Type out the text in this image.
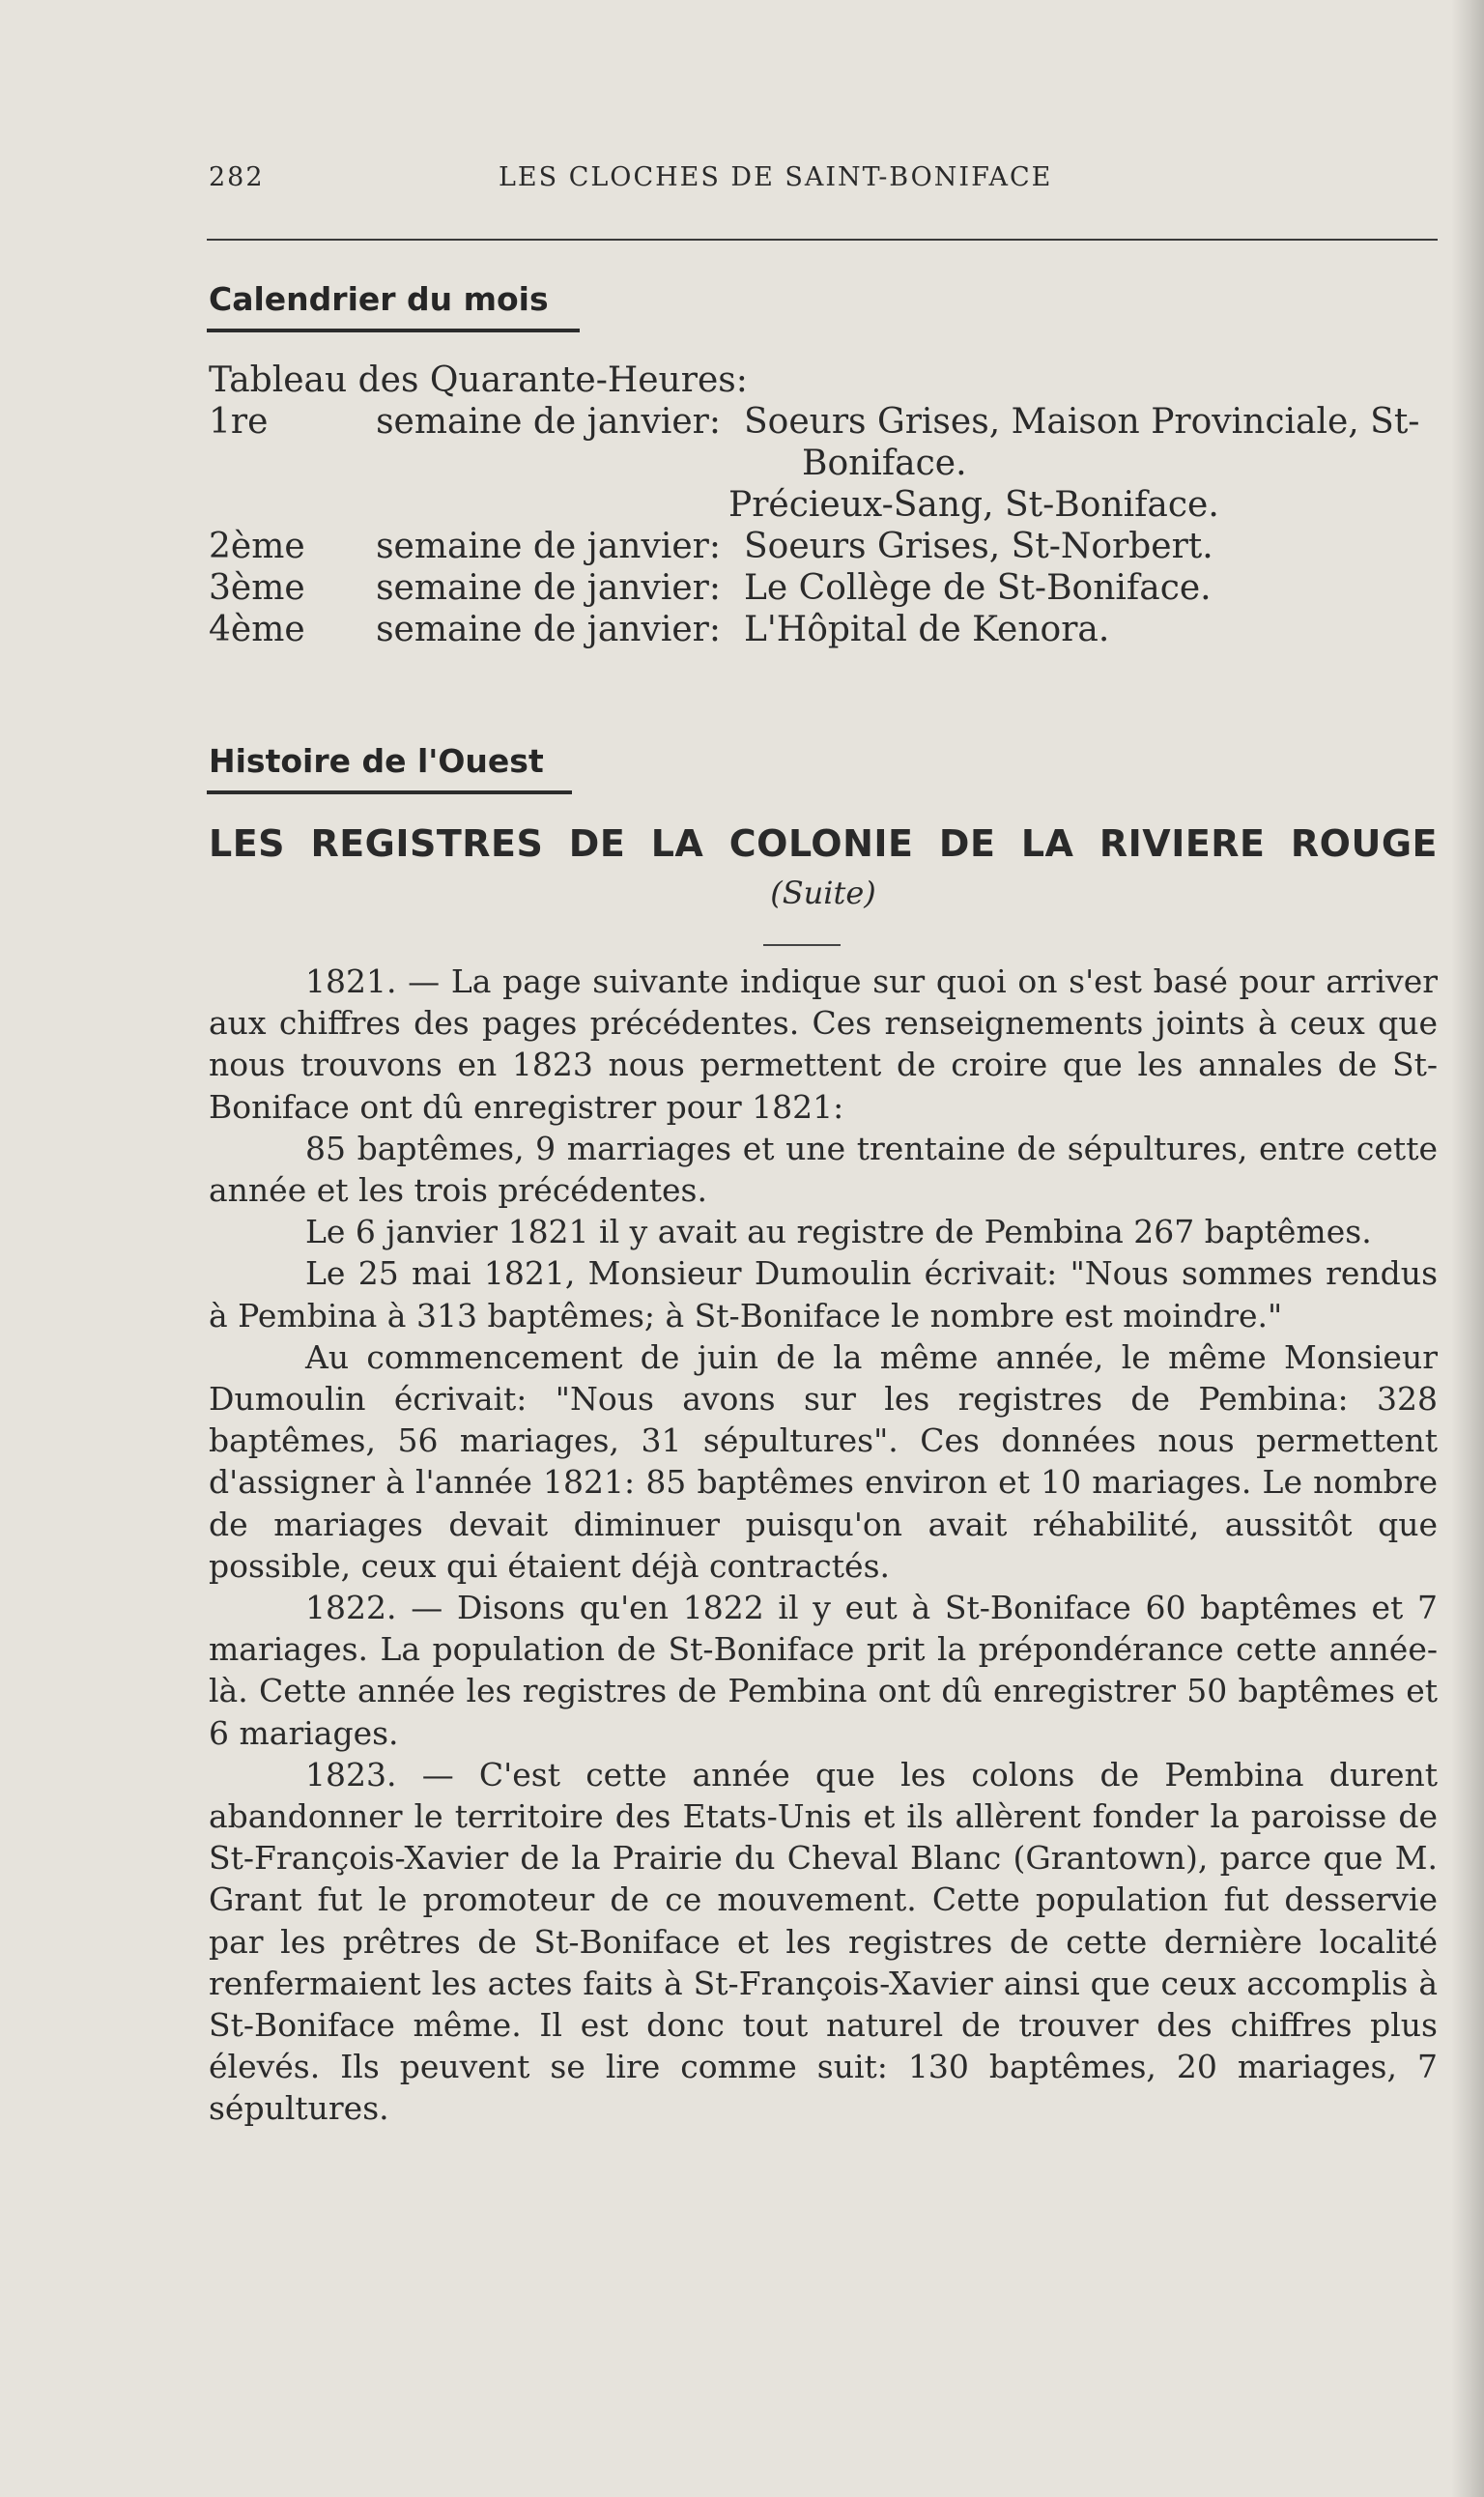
282	LES CLOCHES DE SAINT-BONIFACE
Calendrier du mois
Tableau des Quarante-Heures:
1re	semaine de janvier: Soeurs Grises, Maison Provinciale, St-
Boniface.
Précieux-Sang, St-Boniface.
2ème semaine de janvier: Soeurs Grises, St-Norbert.
3ème semaine de janvier: Le Collège de St-Boniface.
4ème semaine de janvier: L'Hôpital de Kenora.
Histoire de l'Ouest
LES REGISTRES DE LA COLONIE DE LA RIVIERE ROUGE
(Suite)

1821. — La page suivante indique sur quoi on s'est basé pour arriver aux chiffres des pages précédentes. Ces renseignements joints à ceux que nous trouvons en 1823 nous permettent de croire que les annales de St-Boniface ont dû enregistrer pour 1821:

85 baptêmes, 9 marriages et une trentaine de sépultures, entre cette année et les trois précédentes.

Le 6 janvier 1821 il y avait au registre de Pembina 267 baptêmes.

Le 25 mai 1821, Monsieur Dumoulin écrivait: "Nous sommes rendus à Pembina à 313 baptêmes; à St-Boniface le nombre est moindre."

Au commencement de juin de la même année, le même Monsieur Dumoulin écrivait: "Nous avons sur les registres de Pembina: 328 baptêmes, 56 mariages, 31 sépultures". Ces données nous permettent d'assigner à l'année 1821: 85 baptêmes environ et 10 mariages. Le nombre de mariages devait diminuer puisqu'on avait réhabilité, aussitôt que possible, ceux qui étaient déjà contractés.

1822. — Disons qu'en 1822 il y eut à St-Boniface 60 baptêmes et 7 mariages. La population de St-Boniface prit la prépondérance cette année-là. Cette année les registres de Pembina ont dû enregistrer 50 baptêmes et 6 mariages.

1823. — C'est cette année que les colons de Pembina durent abandonner le territoire des Etats-Unis et ils allèrent fonder la paroisse de St-François-Xavier de la Prairie du Cheval Blanc (Grantown), parce que M. Grant fut le promoteur de ce mouvement. Cette population fut desservie par les prêtres de St-Boniface et les registres de cette dernière localité renfermaient les actes faits à St-François-Xavier ainsi que ceux accomplis à St-Boniface même. Il est donc tout naturel de trouver des chiffres plus élevés. Ils peuvent se lire comme suit: 130 baptêmes, 20 mariages, 7 sépultures.
